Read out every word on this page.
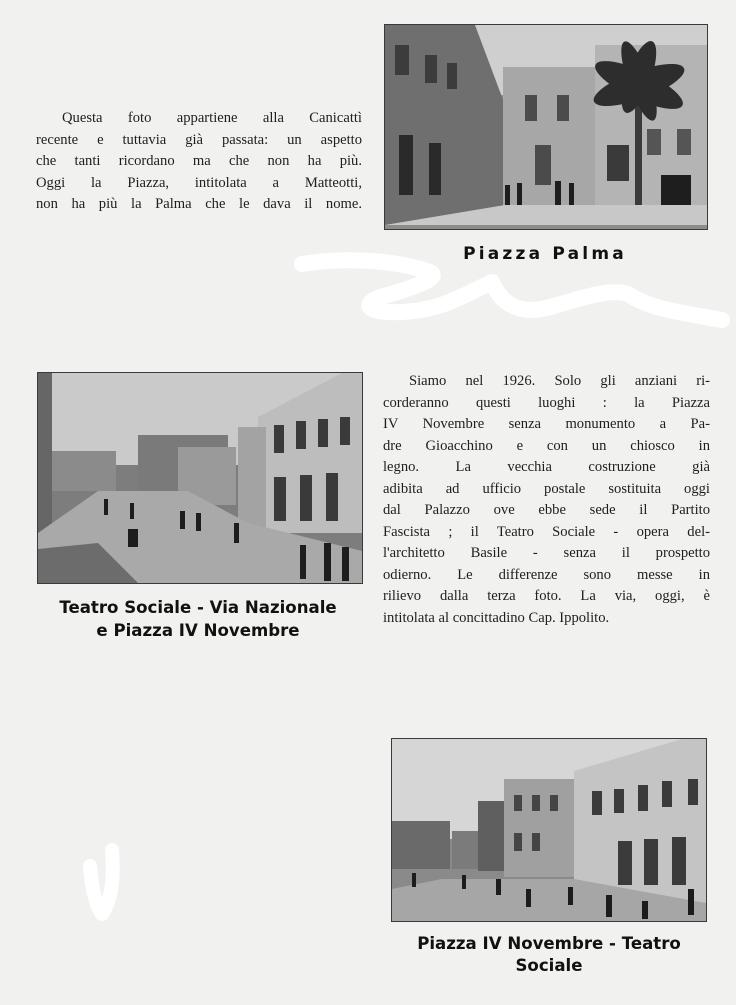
Questa foto appartiene alla Canicattì
recente e tuttavia già passata: un aspetto
che tanti ricordano ma che non ha più.
Oggi la Piazza, intitolata a Matteotti,
non ha più la Palma che le dava il nome.
Piazza Palma
Teatro Sociale - Via Nazionale
e Piazza IV Novembre
Siamo nel 1926. Solo gli anziani ri-
corderanno questi luoghi : la Piazza
IV Novembre senza monumento a Pa-
dre Gioacchino e con un chiosco in
legno. La vecchia costruzione già
adibita ad ufficio postale sostituita oggi
dal Palazzo ove ebbe sede il Partito
Fascista ; il Teatro Sociale - opera del-
l'architetto Basile - senza il prospetto
odierno. Le differenze sono messe in
rilievo dalla terza foto. La via, oggi, è
intitolata al concittadino Cap. Ippolito.
Piazza IV Novembre - Teatro
Sociale
